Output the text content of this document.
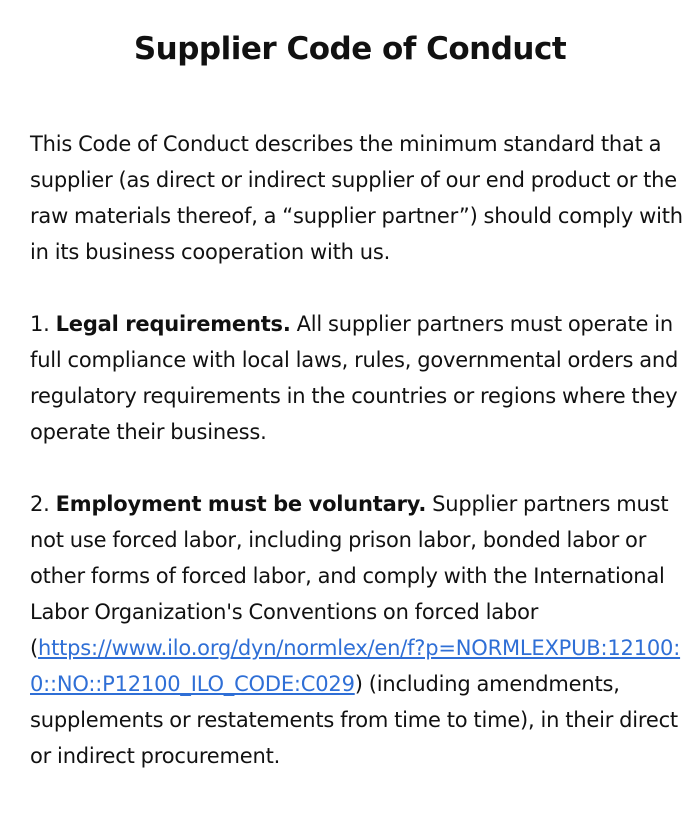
Supplier Code of Conduct

This Code of Conduct describes the minimum standard that a supplier (as direct or indirect supplier of our end product or the raw materials thereof, a “supplier partner”) should comply with in its business cooperation with us.

1. Legal requirements. All supplier partners must operate in full compliance with local laws, rules, governmental orders and regulatory requirements in the countries or regions where they operate their business.

2. Employment must be voluntary. Supplier partners must not use forced labor, including prison labor, bonded labor or other forms of forced labor, and comply with the International Labor Organization's Conventions on forced labor
(https://www.ilo.org/dyn/normlex/en/f?p=NORMLEXPUB:12100:0::NO::P12100_ILO_CODE:C029) (including amendments, supplements or restatements from time to time), in their direct or indirect procurement.
